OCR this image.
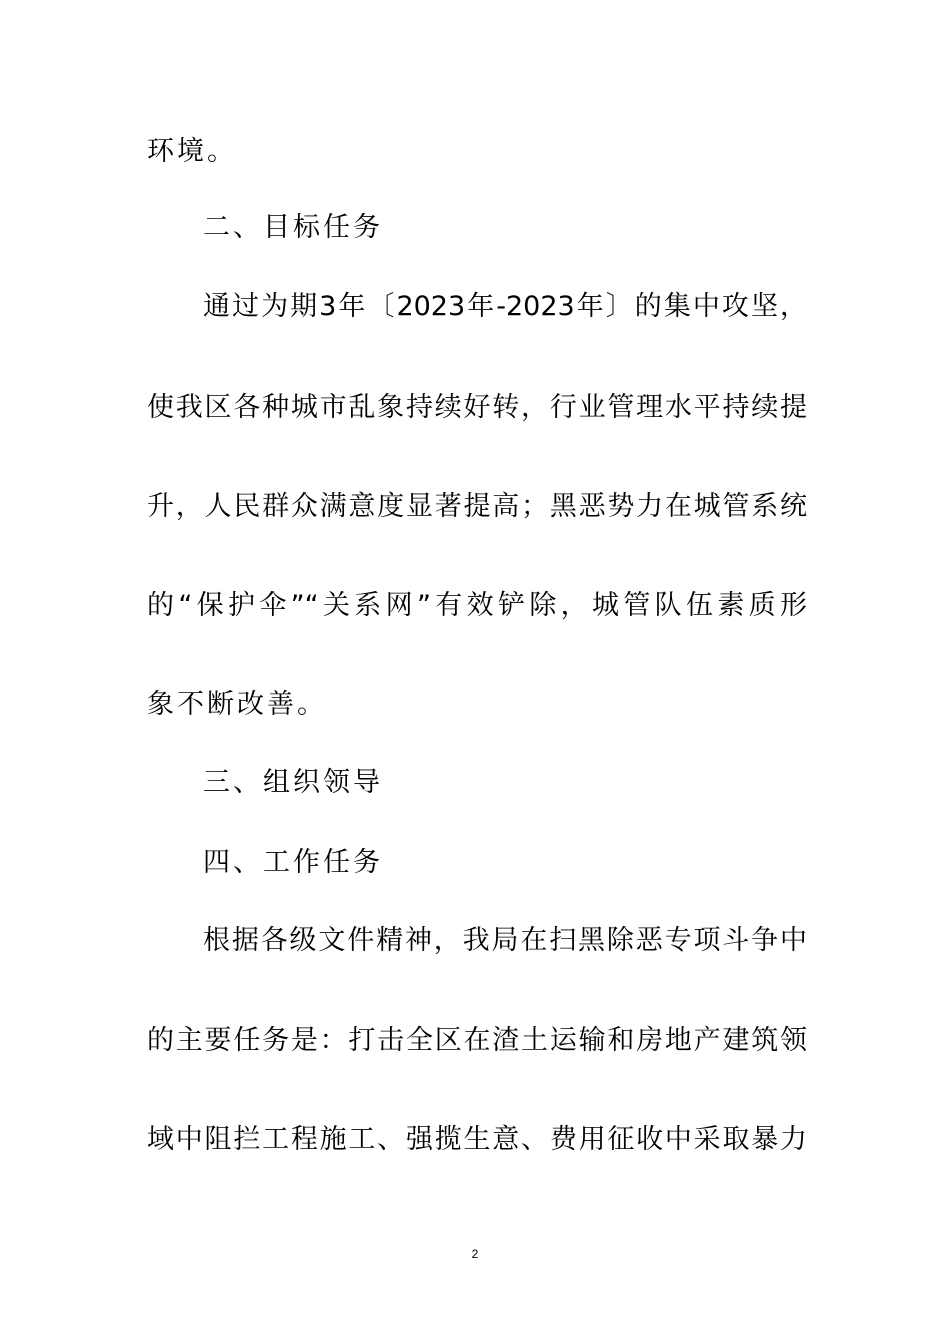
环境。
二、目标任务
通过为期3年〔2023年-2023年〕的集中攻坚，
使我区各种城市乱象持续好转，行业管理水平持续提
升，人民群众满意度显著提高；黑恶势力在城管系统
的“保护伞”“关系网”有效铲除，城管队伍素质形
象不断改善。
三、组织领导
四、工作任务
根据各级文件精神，我局在扫黑除恶专项斗争中
的主要任务是：打击全区在渣土运输和房地产建筑领
域中阻拦工程施工、强揽生意、费用征收中采取暴力
2
